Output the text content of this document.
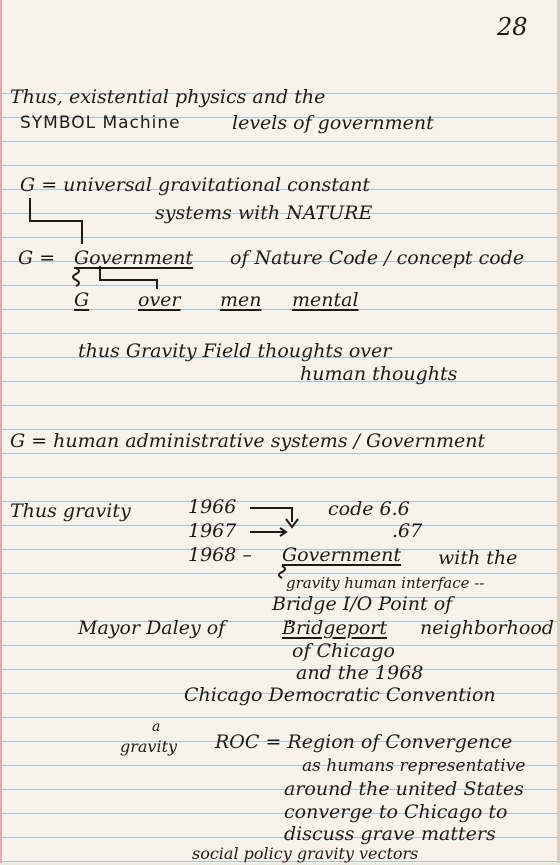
28
Thus, existential physics and the
SYMBOL Machine	levels of government
G = universal gravitational constant
systems with NATURE
G = Government of Nature Code / concept code
G	over men mental
thus Gravity Field thoughts over
human thoughts
G = human administrative systems / Government
Thus gravity	1966	code 6.6
1967	.67
1968 – Government with the
gravity human interface --
Bridge I/O Point of
Mayor Daley of	Bridgeport neighborhood
of Chicago
and the 1968
Chicago Democratic Convention
a
gravity ROC = Region of Convergence
as humans representative
around the united States
converge to Chicago to
discuss grave matters
social policy gravity vectors
